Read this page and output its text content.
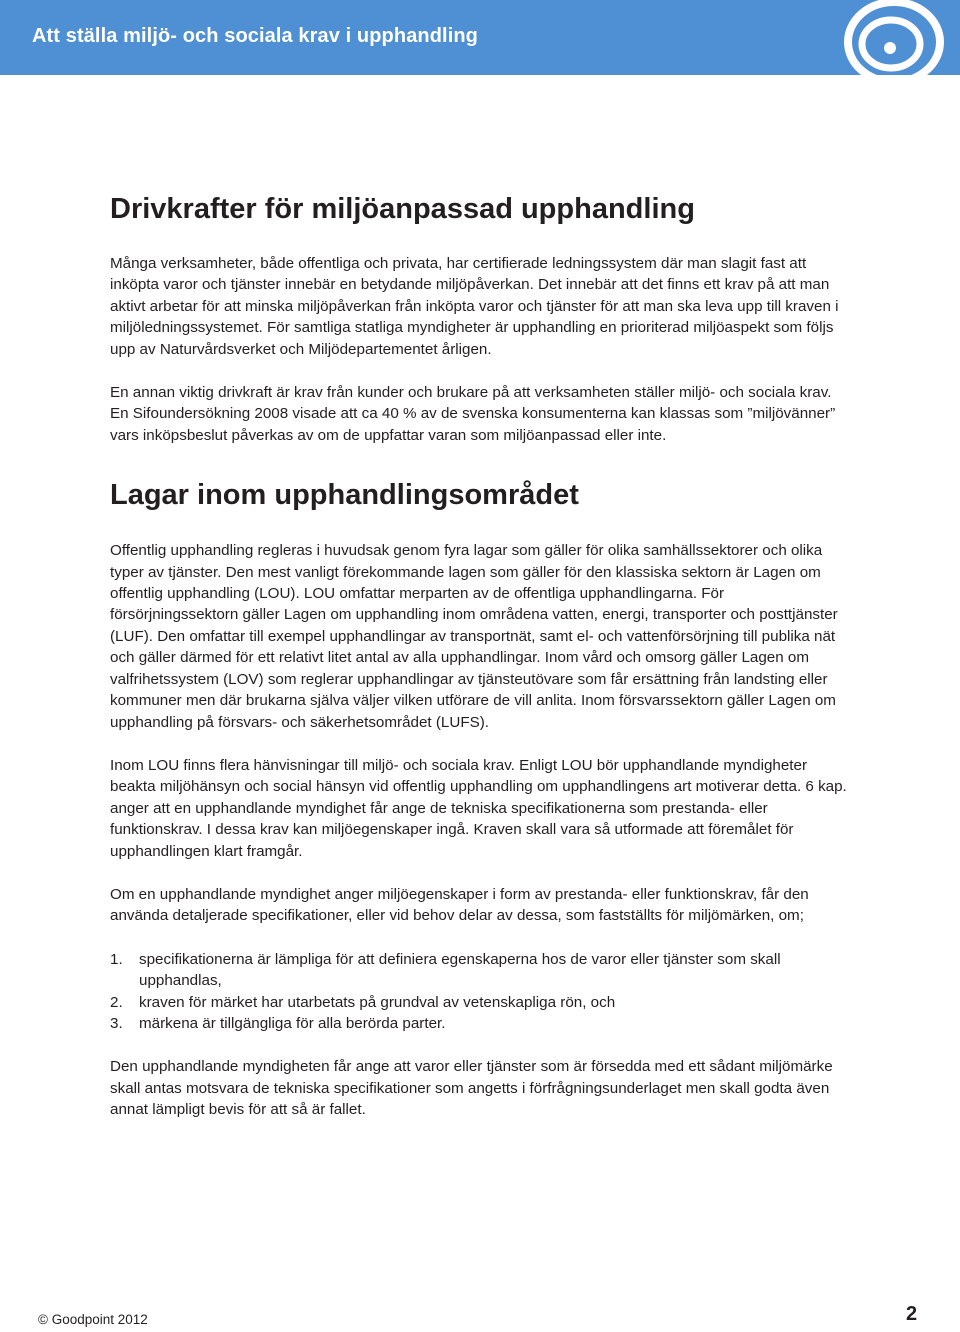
Att ställa miljö- och sociala krav i upphandling
Drivkrafter för miljöanpassad upphandling

Många verksamheter, både offentliga och privata, har certifierade ledningssystem där man slagit fast att inköpta varor och tjänster innebär en betydande miljöpåverkan. Det innebär att det finns ett krav på att man aktivt arbetar för att minska miljöpåverkan från inköpta varor och tjänster för att man ska leva upp till kraven i miljöledningssystemet. För samtliga statliga myndigheter är upphandling en prioriterad miljöaspekt som följs upp av Naturvårdsverket och Miljödepartementet årligen.

En annan viktig drivkraft är krav från kunder och brukare på att verksamheten ställer miljö- och sociala krav. En Sifoundersökning 2008 visade att ca 40 % av de svenska konsumenterna kan klassas som ”miljövänner” vars inköpsbeslut påverkas av om de uppfattar varan som miljöanpassad eller inte.

Lagar inom upphandlingsområdet

Offentlig upphandling regleras i huvudsak genom fyra lagar som gäller för olika samhällssektorer och olika typer av tjänster. Den mest vanligt förekommande lagen som gäller för den klassiska sektorn är Lagen om offentlig upphandling (LOU). LOU omfattar merparten av de offentliga upphandlingarna. För försörjningssektorn gäller Lagen om upphandling inom områdena vatten, energi, transporter och posttjänster (LUF). Den omfattar till exempel upphandlingar av transportnät, samt el- och vattenförsörjning till publika nät och gäller därmed för ett relativt litet antal av alla upphandlingar. Inom vård och omsorg gäller Lagen om valfrihetssystem (LOV) som reglerar upphandlingar av tjänsteutövare som får ersättning från landsting eller kommuner men där brukarna själva väljer vilken utförare de vill anlita. Inom försvarssektorn gäller Lagen om upphandling på försvars- och säkerhetsområdet (LUFS).

Inom LOU finns flera hänvisningar till miljö- och sociala krav. Enligt LOU bör upphandlande myndigheter beakta miljöhänsyn och social hänsyn vid offentlig upphandling om upphandlingens art motiverar detta. 6 kap. anger att en upphandlande myndighet får ange de tekniska specifikationerna som prestanda- eller funktionskrav. I dessa krav kan miljöegenskaper ingå. Kraven skall vara så utformade att föremålet för upphandlingen klart framgår.

Om en upphandlande myndighet anger miljöegenskaper i form av prestanda- eller funktionskrav, får den använda detaljerade specifikationer, eller vid behov delar av dessa, som fastställts för miljömärken, om;

1. specifikationerna är lämpliga för att definiera egenskaperna hos de varor eller tjänster som skall upphandlas,
2. kraven för märket har utarbetats på grundval av vetenskapliga rön, och
3. märkena är tillgängliga för alla berörda parter.

Den upphandlande myndigheten får ange att varor eller tjänster som är försedda med ett sådant miljömärke skall antas motsvara de tekniska specifikationer som angetts i förfrågningsunderlaget men skall godta även annat lämpligt bevis för att så är fallet.

© Goodpoint 2012	2
